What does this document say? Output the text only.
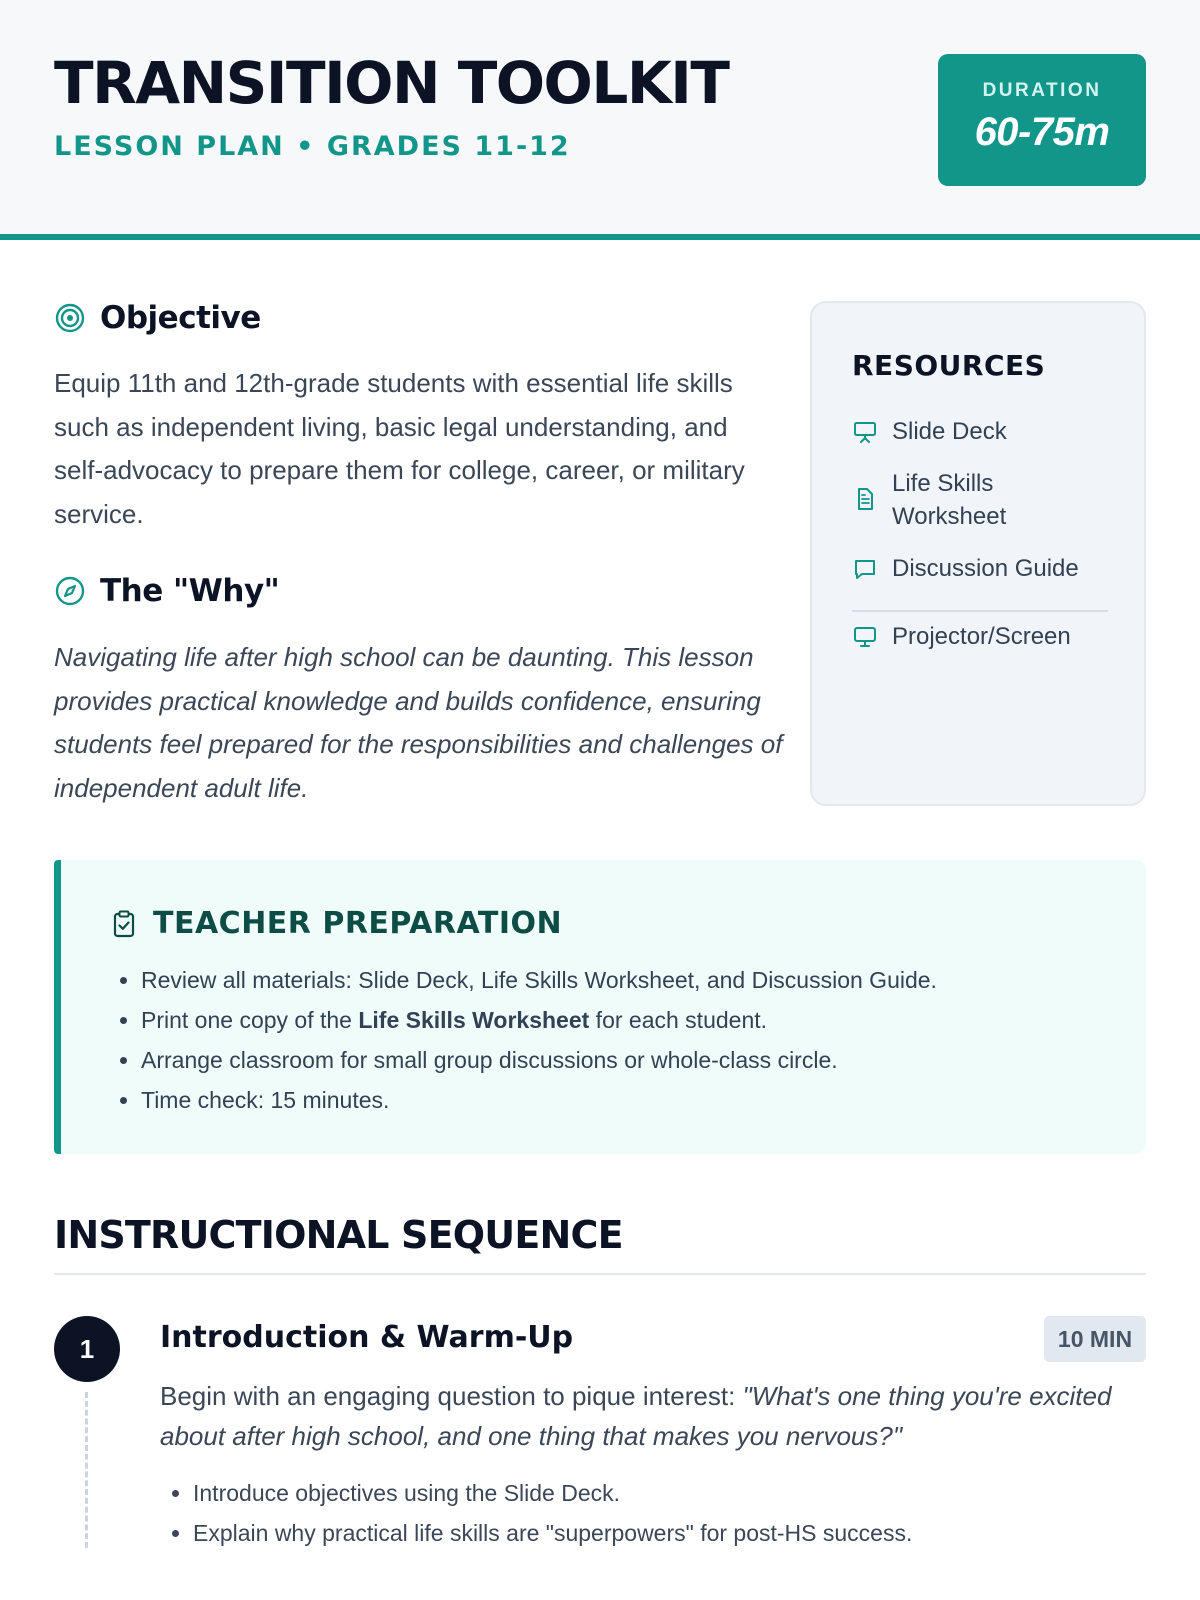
TRANSITION TOOLKIT
LESSON PLAN • GRADES 11-12
DURATION
60-75m
Objective

Equip 11th and 12th-grade students with essential life skills such as independent living, basic legal understanding, and self-advocacy to prepare them for college, career, or military service.

The "Why"

Navigating life after high school can be daunting. This lesson provides practical knowledge and builds confidence, ensuring students feel prepared for the responsibilities and challenges of independent adult life.

RESOURCES
Slide Deck
Life Skills Worksheet
Discussion Guide
Projector/Screen
TEACHER PREPARATION
• Review all materials: Slide Deck, Life Skills Worksheet, and Discussion Guide.
• Print one copy of the Life Skills Worksheet for each student.
• Arrange classroom for small group discussions or whole-class circle.
• Time check: 15 minutes.
INSTRUCTIONAL SEQUENCE
1	Introduction & Warm-Up	10 MIN

Begin with an engaging question to pique interest: "What's one thing you're excited about after high school, and one thing that makes you nervous?"

• Introduce objectives using the Slide Deck.
• Explain why practical life skills are "superpowers" for post-HS success.
